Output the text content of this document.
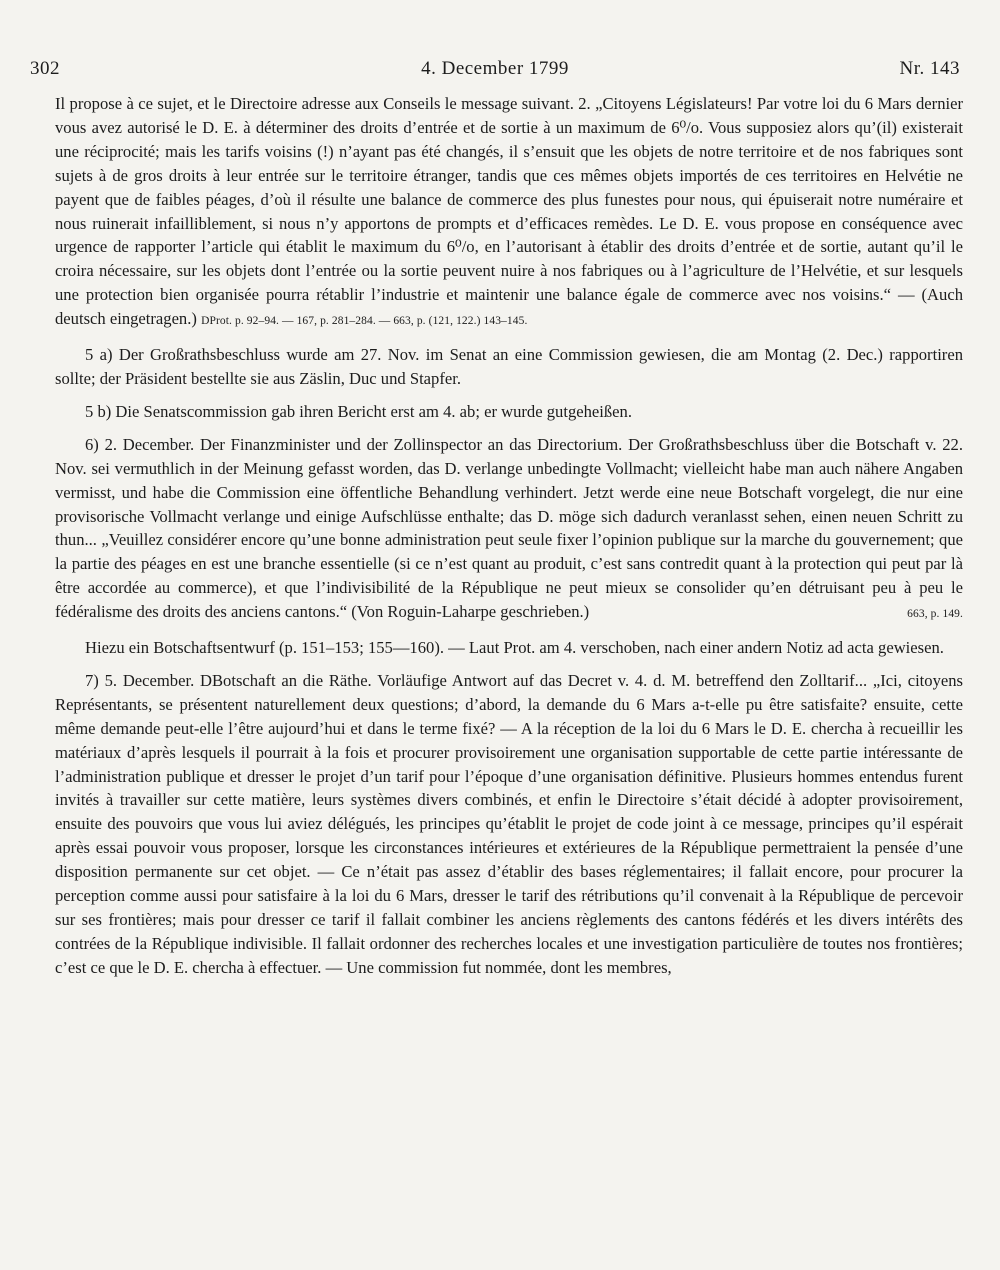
302	4. December 1799	Nr. 143

Il propose à ce sujet, et le Directoire adresse aux Conseils le message suivant. 2. „Citoyens Législateurs! Par votre loi du 6 Mars dernier vous avez autorisé le D. E. à déterminer des droits d’entrée et de sortie à un maximum de 6⁰/o. Vous supposiez alors qu’(il) existerait une réciprocité; mais les tarifs voisins (!) n’ayant pas été changés, il s’ensuit que les objets de notre territoire et de nos fabriques sont sujets à de gros droits à leur entrée sur le territoire étranger, tandis que ces mêmes objets importés de ces territoires en Helvétie ne payent que de faibles péages, d’où il résulte une balance de commerce des plus funestes pour nous, qui épuiserait notre numéraire et nous ruinerait infailliblement, si nous n’y apportons de prompts et d’efficaces remèdes. Le D. E. vous propose en conséquence avec urgence de rapporter l’article qui établit le maximum du 6⁰/o, en l’autorisant à établir des droits d’entrée et de sortie, autant qu’il le croira nécessaire, sur les objets dont l’entrée ou la sortie peuvent nuire à nos fabriques ou à l’agriculture de l’Helvétie, et sur lesquels une protection bien organisée pourra rétablir l’industrie et maintenir une balance égale de commerce avec nos voisins.“ — (Auch deutsch eingetragen.) DProt. p. 92–94. — 167, p. 281–284. — 663, p. (121, 122.) 143–145.

5 a) Der Großrathsbeschluss wurde am 27. Nov. im Senat an eine Commission gewiesen, die am Montag (2. Dec.) rapportiren sollte; der Präsident bestellte sie aus Zäslin, Duc und Stapfer.

5 b) Die Senatscommission gab ihren Bericht erst am 4. ab; er wurde gutgeheißen.

6) 2. December. Der Finanzminister und der Zollinspector an das Directorium. Der Großrathsbeschluss über die Botschaft v. 22. Nov. sei vermuthlich in der Meinung gefasst worden, das D. verlange unbedingte Vollmacht; vielleicht habe man auch nähere Angaben vermisst, und habe die Commission eine öffentliche Behandlung verhindert. Jetzt werde eine neue Botschaft vorgelegt, die nur eine provisorische Vollmacht verlange und einige Aufschlüsse enthalte; das D. möge sich dadurch veranlasst sehen, einen neuen Schritt zu thun... „Veuillez considérer encore qu’une bonne administration peut seule fixer l’opinion publique sur la marche du gouvernement; que la partie des péages en est une branche essentielle (si ce n’est quant au produit, c’est sans contredit quant à la protection qui peut par là être accordée au commerce), et que l’indivisibilité de la République ne peut mieux se consolider qu’en détruisant peu à peu le fédéralisme des droits des anciens cantons.“ (Von Roguin-Laharpe geschrieben.)	663, p. 149.

Hiezu ein Botschaftsentwurf (p. 151–153; 155—160). — Laut Prot. am 4. verschoben, nach einer andern Notiz ad acta gewiesen.

7) 5. December. DBotschaft an die Räthe. Vorläufige Antwort auf das Decret v. 4. d. M. betreffend den Zolltarif... „Ici, citoyens Représentants, se présentent naturellement deux questions; d’abord, la demande du 6 Mars a-t-elle pu être satisfaite? ensuite, cette même demande peut-elle l’être aujourd’hui et dans le terme fixé? — A la réception de la loi du 6 Mars le D. E. chercha à recueillir les matériaux d’après lesquels il pourrait à la fois et procurer provisoirement une organisation supportable de cette partie intéressante de l’administration publique et dresser le projet d’un tarif pour l’époque d’une organisation définitive. Plusieurs hommes entendus furent invités à travailler sur cette matière, leurs systèmes divers combinés, et enfin le Directoire s’était décidé à adopter provisoirement, ensuite des pouvoirs que vous lui aviez délégués, les principes qu’établit le projet de code joint à ce message, principes qu’il espérait après essai pouvoir vous proposer, lorsque les circonstances intérieures et extérieures de la République permettraient la pensée d’une disposition permanente sur cet objet. — Ce n’était pas assez d’établir des bases réglementaires; il fallait encore, pour procurer la perception comme aussi pour satisfaire à la loi du 6 Mars, dresser le tarif des rétributions qu’il convenait à la République de percevoir sur ses frontières; mais pour dresser ce tarif il fallait combiner les anciens règlements des cantons fédérés et les divers intérêts des contrées de la République indivisible. Il fallait ordonner des recherches locales et une investigation particulière de toutes nos frontières; c’est ce que le D. E. chercha à effectuer. — Une commission fut nommée, dont les membres,
